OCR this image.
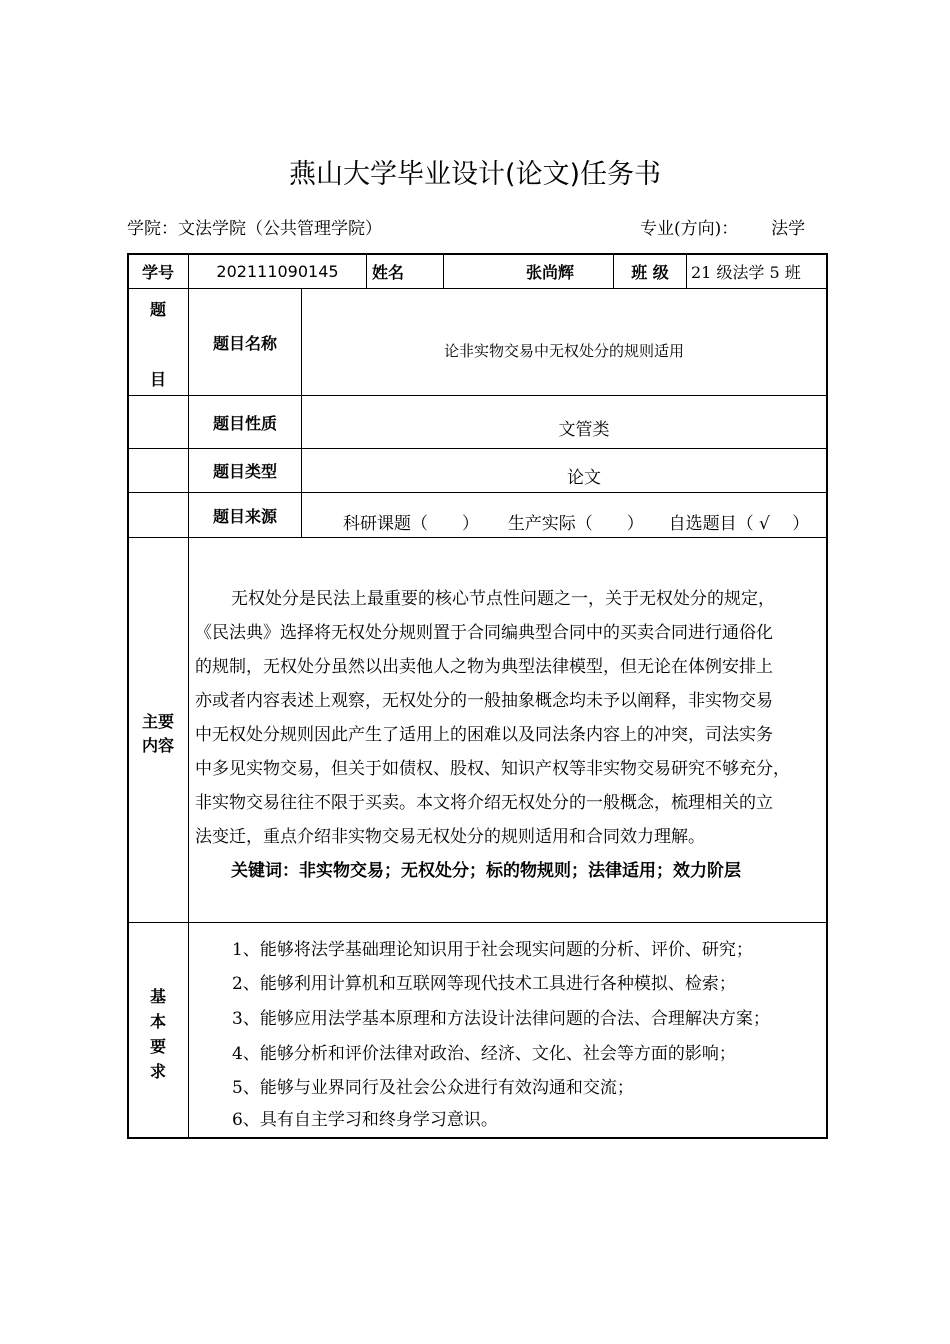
燕山大学毕业设计(论文)任务书
学院：文法学院（公共管理学院）	专业(方向)： 法学
学号	202111090145	姓名	张尚辉	班 级	21 级法学 5 班
题
目
题目名称	论非实物交易中无权处分的规则适用
题目性质	文管类
题目类型	论文
题目来源	科研课题（　　） 生产实际（　　） 自选题目（ √　 ）
主要
内容
无权处分是民法上最重要的核心节点性问题之一，关于无权处分的规定，
《民法典》选择将无权处分规则置于合同编典型合同中的买卖合同进行通俗化
的规制，无权处分虽然以出卖他人之物为典型法律模型，但无论在体例安排上
亦或者内容表述上观察，无权处分的一般抽象概念均未予以阐释，非实物交易
中无权处分规则因此产生了适用上的困难以及同法条内容上的冲突，司法实务
中多见实物交易，但关于如债权、股权、知识产权等非实物交易研究不够充分，
非实物交易往往不限于买卖。本文将介绍无权处分的一般概念，梳理相关的立
法变迁，重点介绍非实物交易无权处分的规则适用和合同效力理解。
关键词：非实物交易；无权处分；标的物规则；法律适用；效力阶层
基
本
要
求
1、能够将法学基础理论知识用于社会现实问题的分析、评价、研究；
2、能够利用计算机和互联网等现代技术工具进行各种模拟、检索；
3、能够应用法学基本原理和方法设计法律问题的合法、合理解决方案；
4、能够分析和评价法律对政治、经济、文化、社会等方面的影响；
5、能够与业界同行及社会公众进行有效沟通和交流；
6、具有自主学习和终身学习意识。
